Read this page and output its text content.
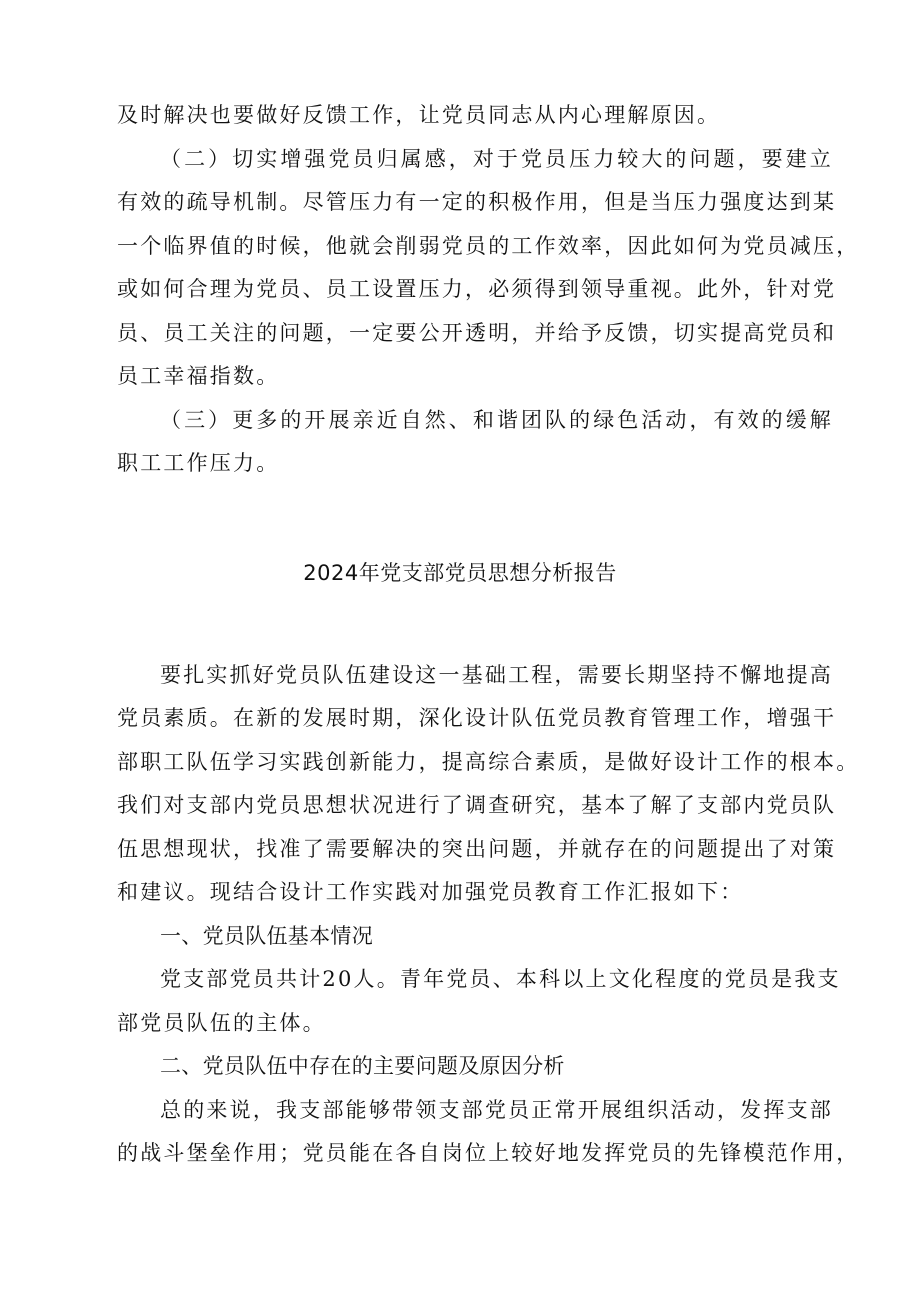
及时解决也要做好反馈工作，让党员同志从内心理解原因。
（二）切实增强党员归属感，对于党员压力较大的问题，要建立
有效的疏导机制。尽管压力有一定的积极作用，但是当压力强度达到某
一个临界值的时候，他就会削弱党员的工作效率，因此如何为党员减压，
或如何合理为党员、员工设置压力，必须得到领导重视。此外，针对党
员、员工关注的问题，一定要公开透明，并给予反馈，切实提高党员和
员工幸福指数。
（三）更多的开展亲近自然、和谐团队的绿色活动，有效的缓解
职工工作压力。
2024年党支部党员思想分析报告
要扎实抓好党员队伍建设这一基础工程，需要长期坚持不懈地提高
党员素质。在新的发展时期，深化设计队伍党员教育管理工作，增强干
部职工队伍学习实践创新能力，提高综合素质，是做好设计工作的根本。
我们对支部内党员思想状况进行了调查研究，基本了解了支部内党员队
伍思想现状，找准了需要解决的突出问题，并就存在的问题提出了对策
和建议。现结合设计工作实践对加强党员教育工作汇报如下：
一、党员队伍基本情况
党支部党员共计20人。青年党员、本科以上文化程度的党员是我支
部党员队伍的主体。
二、党员队伍中存在的主要问题及原因分析
总的来说，我支部能够带领支部党员正常开展组织活动，发挥支部
的战斗堡垒作用；党员能在各自岗位上较好地发挥党员的先锋模范作用，
